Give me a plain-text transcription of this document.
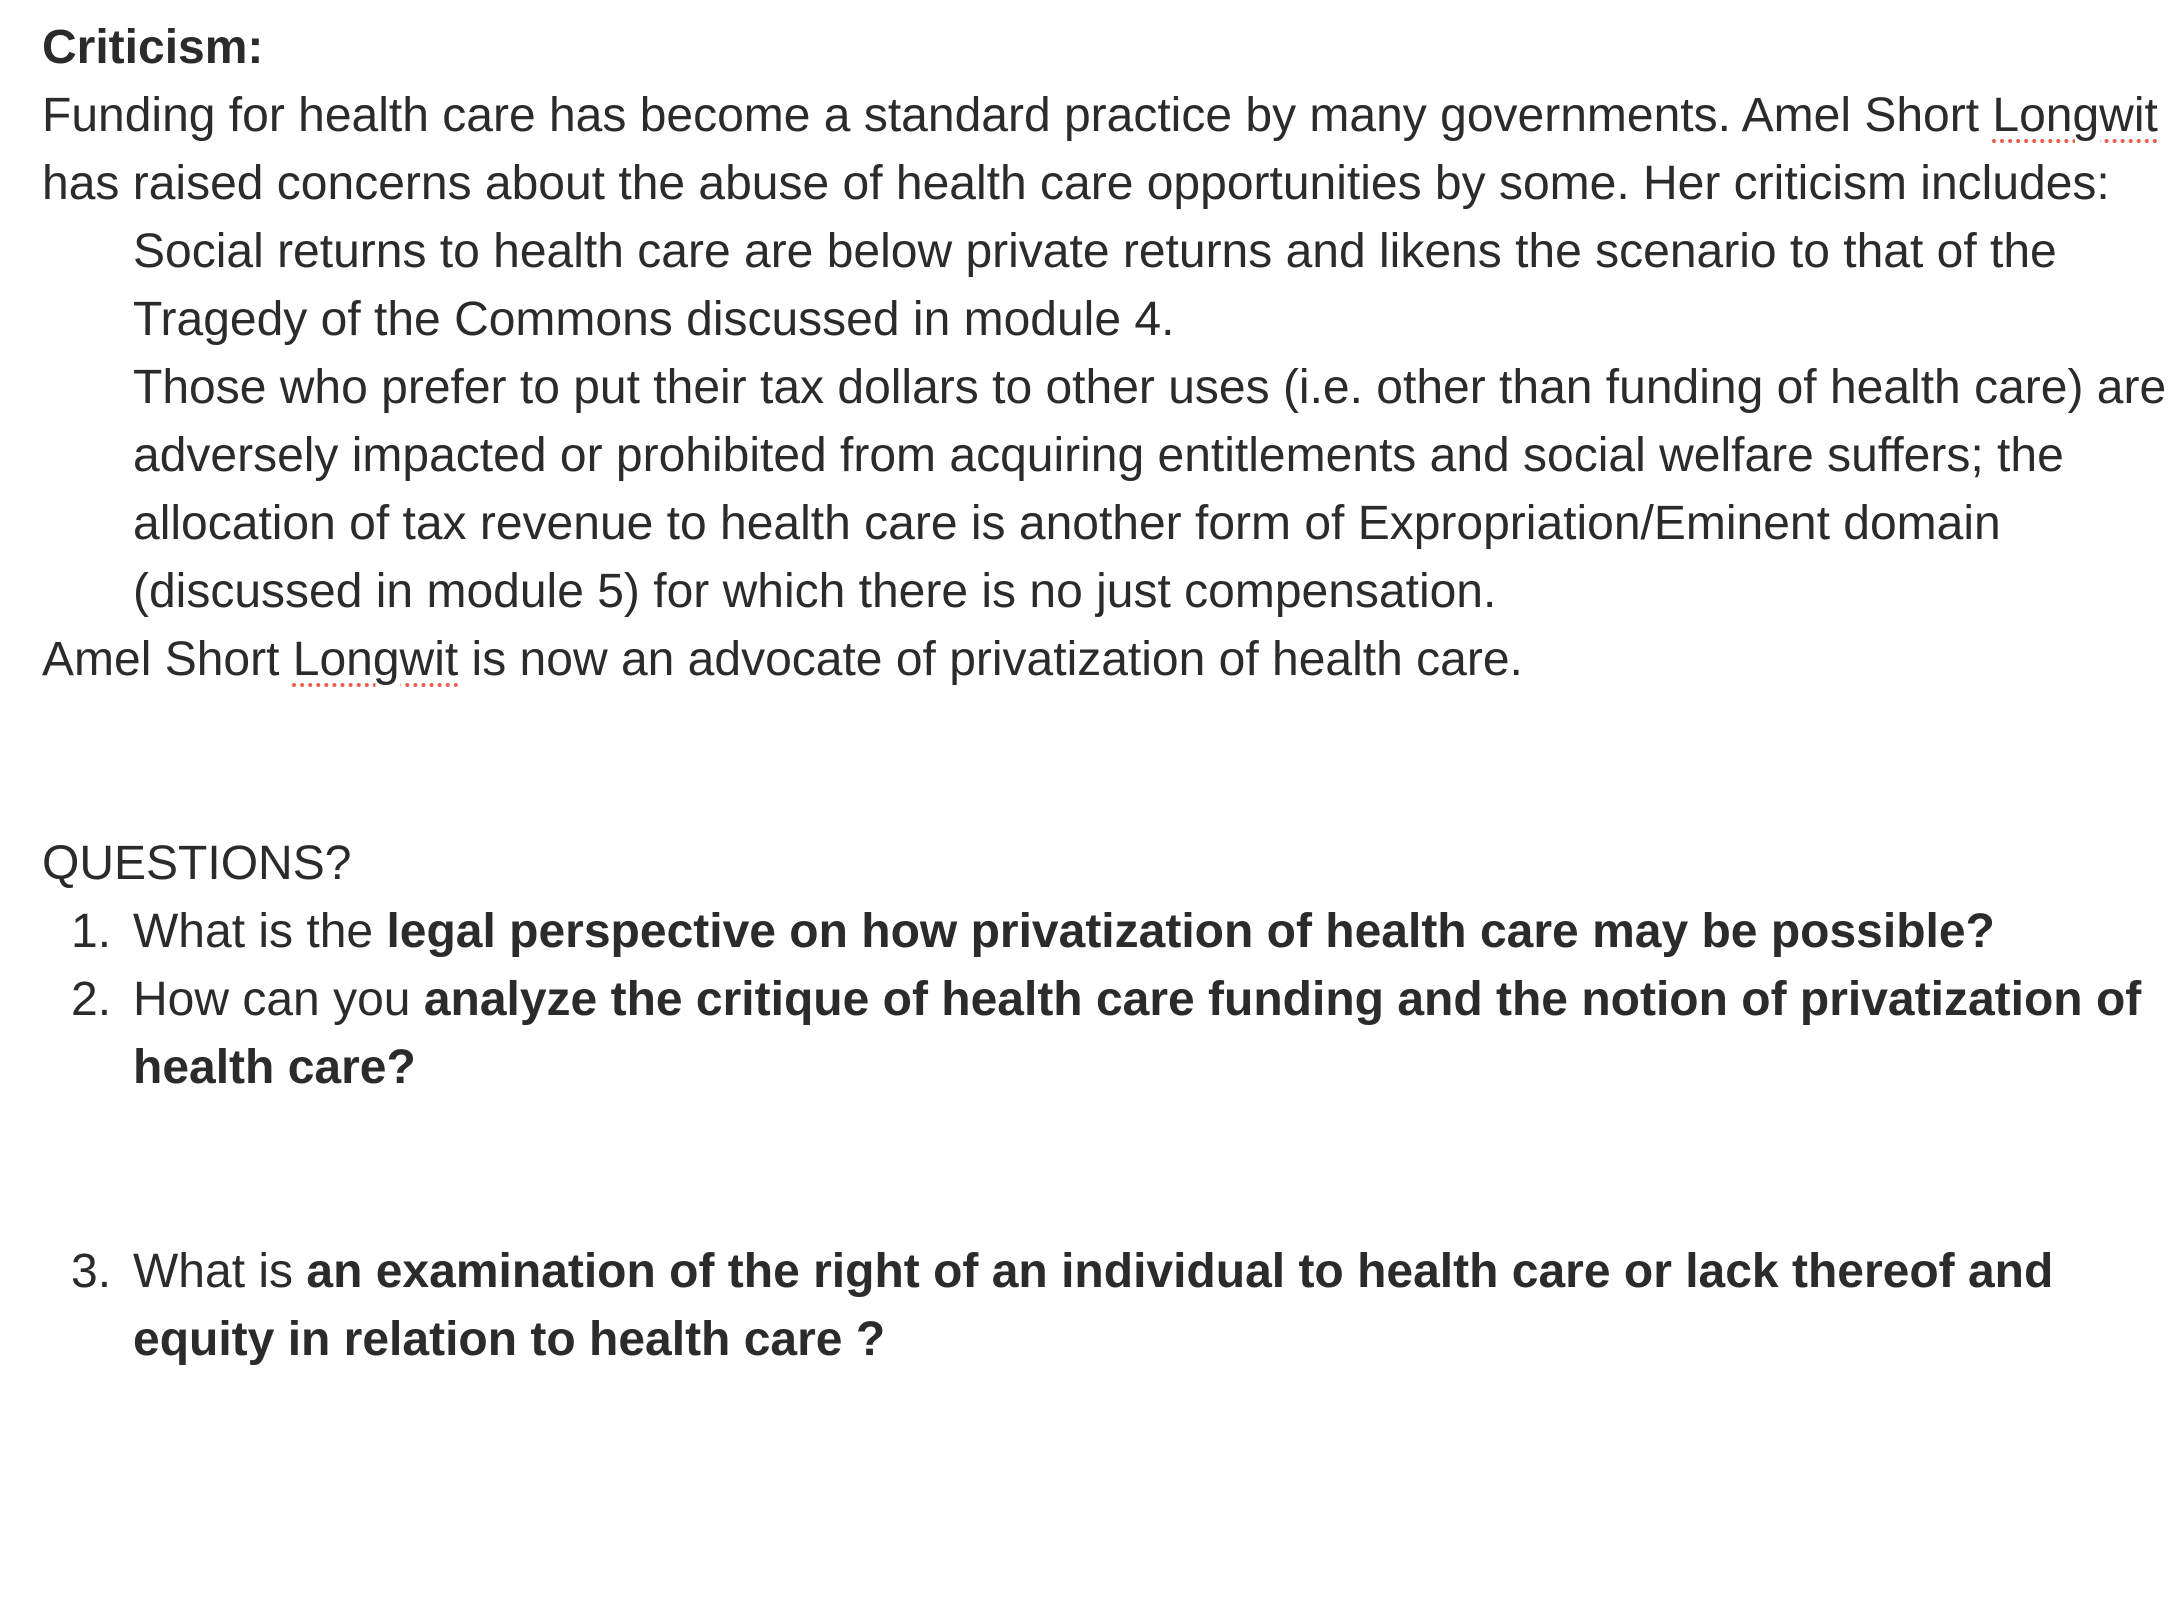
Criticism:

Funding for health care has become a standard practice by many governments. Amel Short Longwit has raised concerns about the abuse of health care opportunities by some. Her criticism includes:

Social returns to health care are below private returns and likens the scenario to that of the Tragedy of the Commons discussed in module 4.

Those who prefer to put their tax dollars to other uses (i.e. other than funding of health care) are adversely impacted or prohibited from acquiring entitlements and social welfare suffers; the allocation of tax revenue to health care is another form of Expropriation/Eminent domain (discussed in module 5) for which there is no just compensation.

Amel Short Longwit is now an advocate of privatization of health care.

QUESTIONS?

1. What is the legal perspective on how privatization of health care may be possible?
2. How can you analyze the critique of health care funding and the notion of privatization of health care?
3. What is an examination of the right of an individual to health care or lack thereof and equity in relation to health care ?
